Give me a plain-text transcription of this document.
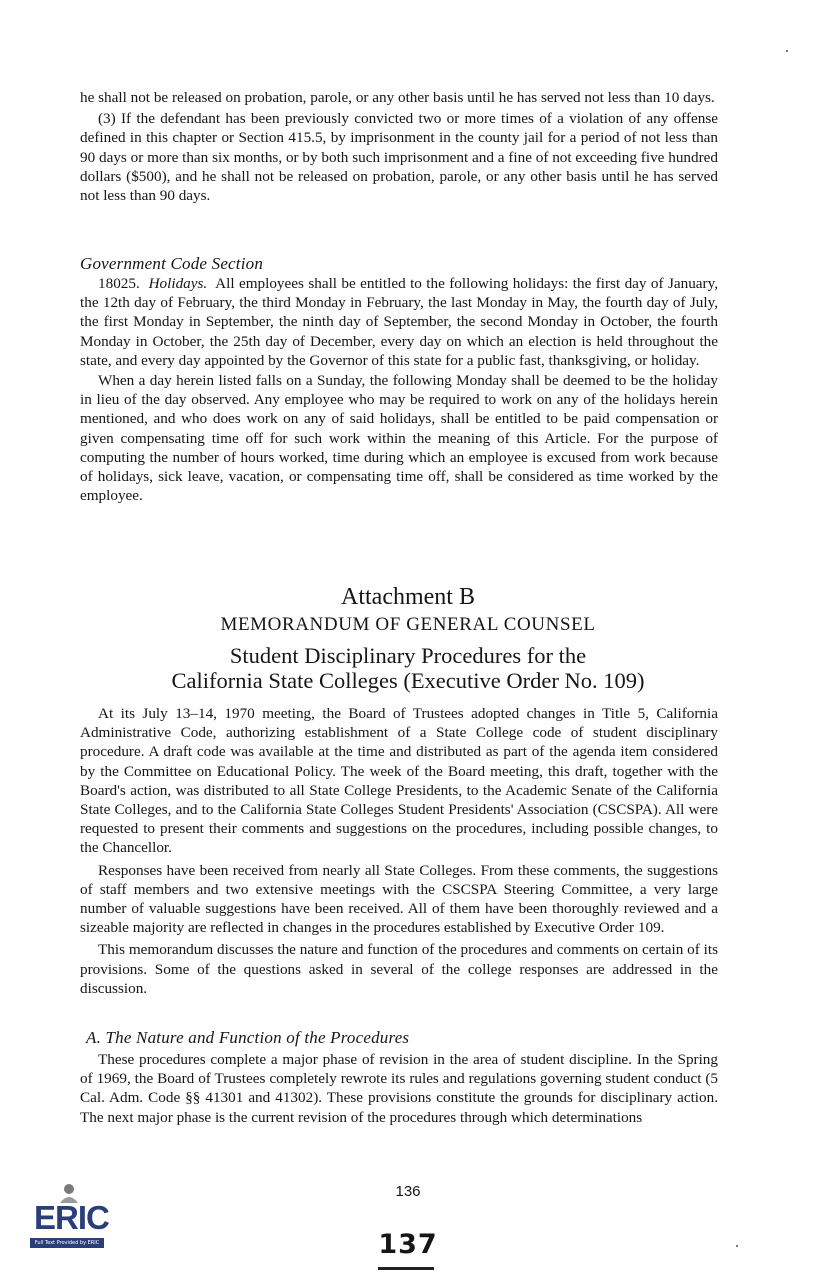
he shall not be released on probation, parole, or any other basis until he has served not less than 10 days.

(3) If the defendant has been previously convicted two or more times of a violation of any offense defined in this chapter or Section 415.5, by imprisonment in the county jail for a period of not less than 90 days or more than six months, or by both such imprisonment and a fine of not exceeding five hundred dollars ($500), and he shall not be released on probation, parole, or any other basis until he has served not less than 90 days.

Government Code Section

18025. Holidays. All employees shall be entitled to the following holidays: the first day of January, the 12th day of February, the third Monday in February, the last Monday in May, the fourth day of July, the first Monday in September, the ninth day of September, the second Monday in October, the fourth Monday in October, the 25th day of December, every day on which an election is held throughout the state, and every day appointed by the Governor of this state for a public fast, thanksgiving, or holiday.

When a day herein listed falls on a Sunday, the following Monday shall be deemed to be the holiday in lieu of the day observed. Any employee who may be required to work on any of the holidays herein mentioned, and who does work on any of said holidays, shall be entitled to be paid compensation or given compensating time off for such work within the meaning of this Article. For the purpose of computing the number of hours worked, time during which an employee is excused from work because of holidays, sick leave, vacation, or compensating time off, shall be considered as time worked by the employee.

Attachment B
MEMORANDUM OF GENERAL COUNSEL
Student Disciplinary Procedures for the
California State Colleges (Executive Order No. 109)

At its July 13–14, 1970 meeting, the Board of Trustees adopted changes in Title 5, California Administrative Code, authorizing establishment of a State College code of student disciplinary procedure. A draft code was available at the time and distributed as part of the agenda item considered by the Committee on Educational Policy. The week of the Board meeting, this draft, together with the Board's action, was distributed to all State College Presidents, to the Academic Senate of the California State Colleges, and to the California State Colleges Student Presidents' Association (CSCSPA). All were requested to present their comments and suggestions on the procedures, including possible changes, to the Chancellor.

Responses have been received from nearly all State Colleges. From these comments, the suggestions of staff members and two extensive meetings with the CSCSPA Steering Committee, a very large number of valuable suggestions have been received. All of them have been thoroughly reviewed and a sizeable majority are reflected in changes in the procedures established by Executive Order 109.

This memorandum discusses the nature and function of the procedures and comments on certain of its provisions. Some of the questions asked in several of the college responses are addressed in the discussion.

A. The Nature and Function of the Procedures

These procedures complete a major phase of revision in the area of student discipline. In the Spring of 1969, the Board of Trustees completely rewrote its rules and regulations governing student conduct (5 Cal. Adm. Code §§ 41301 and 41302). These provisions constitute the grounds for disciplinary action. The next major phase is the current revision of the procedures through which determinations

136
137
ERIC
Full Text Provided by ERIC
